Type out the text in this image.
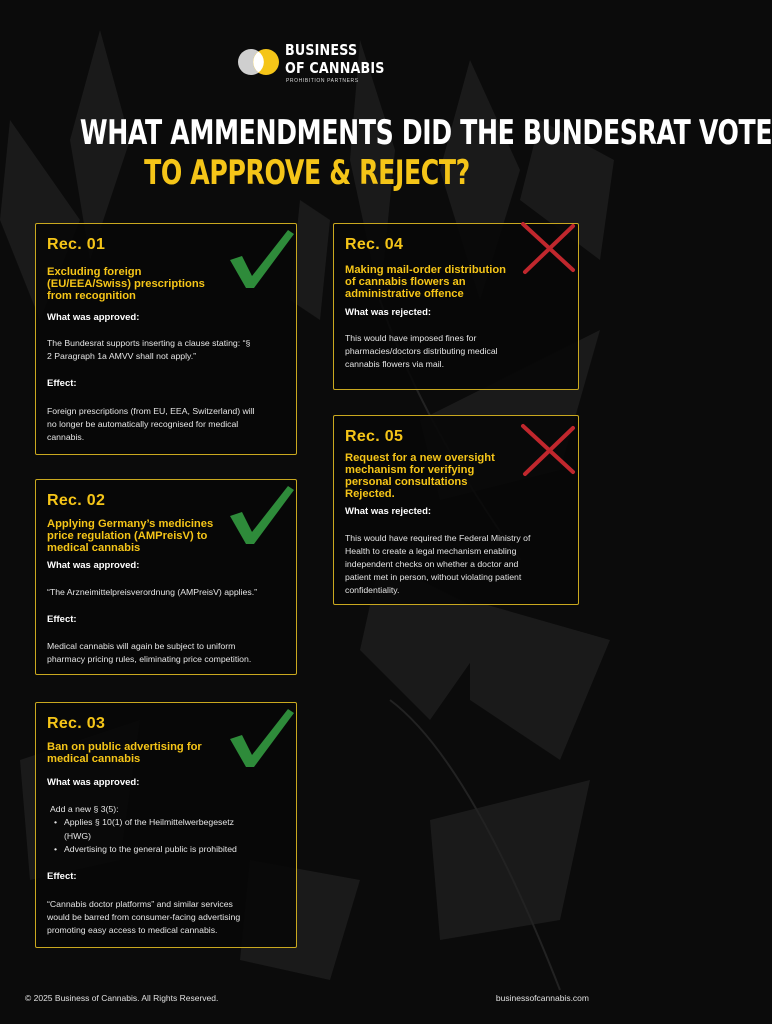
BUSINESS
OF CANNABIS
PROHIBITION PARTNERS
WHAT AMMENDMENTS DID THE BUNDESRAT VOTE
TO APPROVE & REJECT?
Rec. 01
Excluding foreign
(EU/EEA/Swiss) prescriptions
from recognition
What was approved:
The Bundesrat supports inserting a clause stating: “§
2 Paragraph 1a AMVV shall not apply.”
Effect:
Foreign prescriptions (from EU, EEA, Switzerland) will
no longer be automatically recognised for medical
cannabis.
Rec. 02
Applying Germany’s medicines
price regulation (AMPreisV) to
medical cannabis
What was approved:
“The Arzneimittelpreisverordnung (AMPreisV) applies.”
Effect:
Medical cannabis will again be subject to uniform
pharmacy pricing rules, eliminating price competition.
Rec. 03
Ban on public advertising for
medical cannabis
What was approved:
Add a new § 3(5):
• Applies § 10(1) of the Heilmittelwerbegesetz
(HWG)
• Advertising to the general public is prohibited
Effect:
“Cannabis doctor platforms” and similar services
would be barred from consumer-facing advertising
promoting easy access to medical cannabis.
Rec. 04
Making mail-order distribution
of cannabis flowers an
administrative offence
What was rejected:
This would have imposed fines for
pharmacies/doctors distributing medical
cannabis flowers via mail.
Rec. 05
Request for a new oversight
mechanism for verifying
personal consultations
Rejected.
What was rejected:
This would have required the Federal Ministry of
Health to create a legal mechanism enabling
independent checks on whether a doctor and
patient met in person, without violating patient
confidentiality.
© 2025 Business of Cannabis. All Rights Reserved.	businessofcannabis.com
